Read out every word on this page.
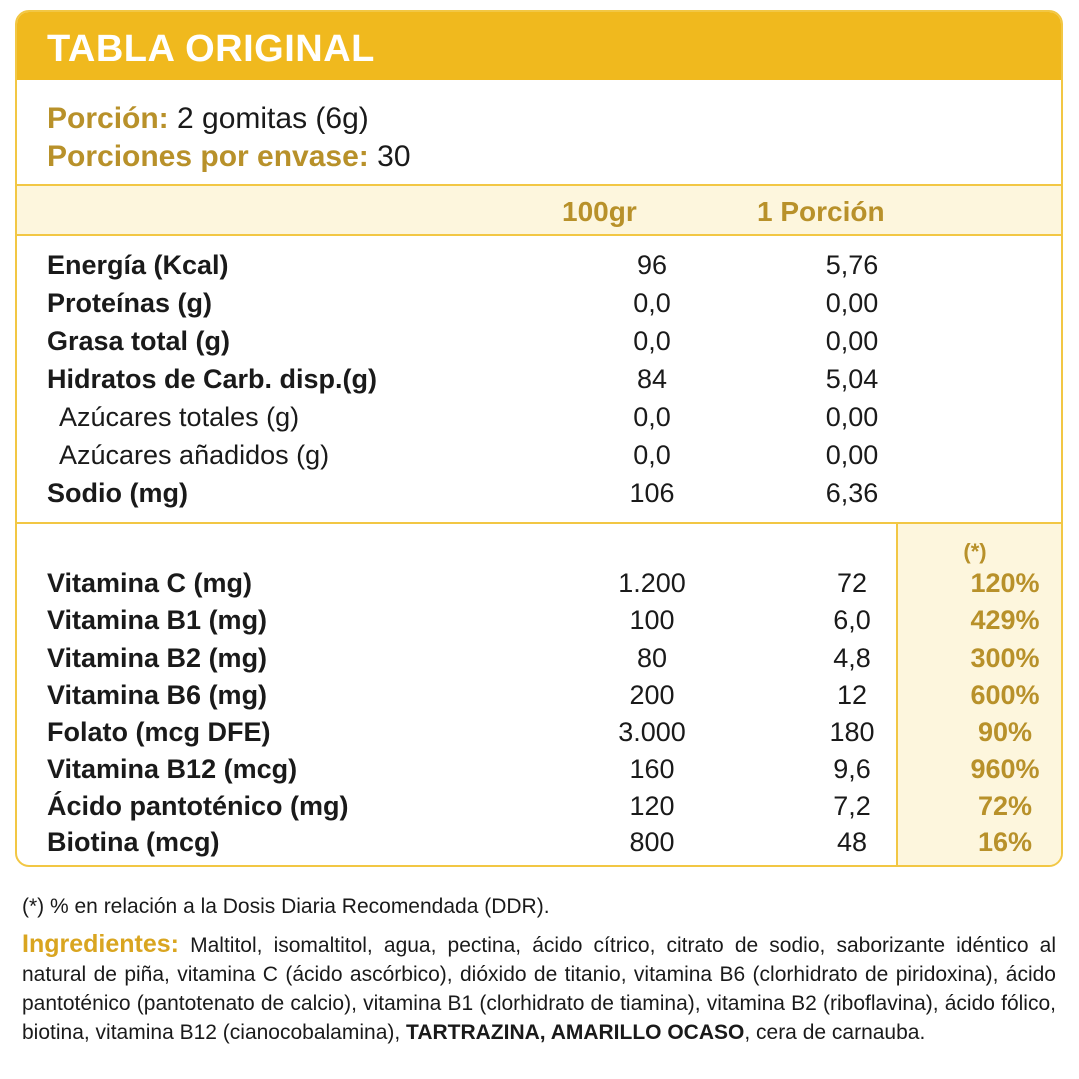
TABLA ORIGINAL
Porción: 2 gomitas (6g)
Porciones por envase: 30
100gr	1 Porción
Energía (Kcal)	96	5,76
Proteínas (g)	0,0	0,00
Grasa total (g)	0,0	0,00
Hidratos de Carb. disp.(g)	84	5,04
Azúcares totales (g)	0,0	0,00
Azúcares añadidos (g)	0,0	0,00
Sodio (mg)	106	6,36
(*)
Vitamina C (mg)	1.200	72	120%
Vitamina B1 (mg)	100	6,0	429%
Vitamina B2 (mg)	80	4,8	300%
Vitamina B6 (mg)	200	12	600%
Folato (mcg DFE)	3.000	180	90%
Vitamina B12 (mcg)	160	9,6	960%
Ácido pantoténico (mg)	120	7,2	72%
Biotina (mcg)	800	48	16%
(*) % en relación a la Dosis Diaria Recomendada (DDR).
Ingredientes: Maltitol, isomaltitol, agua, pectina, ácido cítrico, citrato de sodio, saborizante idéntico al natural de piña, vitamina C (ácido ascórbico), dióxido de titanio, vitamina B6 (clorhidrato de piridoxina), ácido pantoténico (pantotenato de calcio), vitamina B1 (clorhidrato de tiamina), vitamina B2 (riboflavina), ácido fólico, biotina, vitamina B12 (cianocobalamina), TARTRAZINA, AMARILLO OCASO, cera de carnauba.
